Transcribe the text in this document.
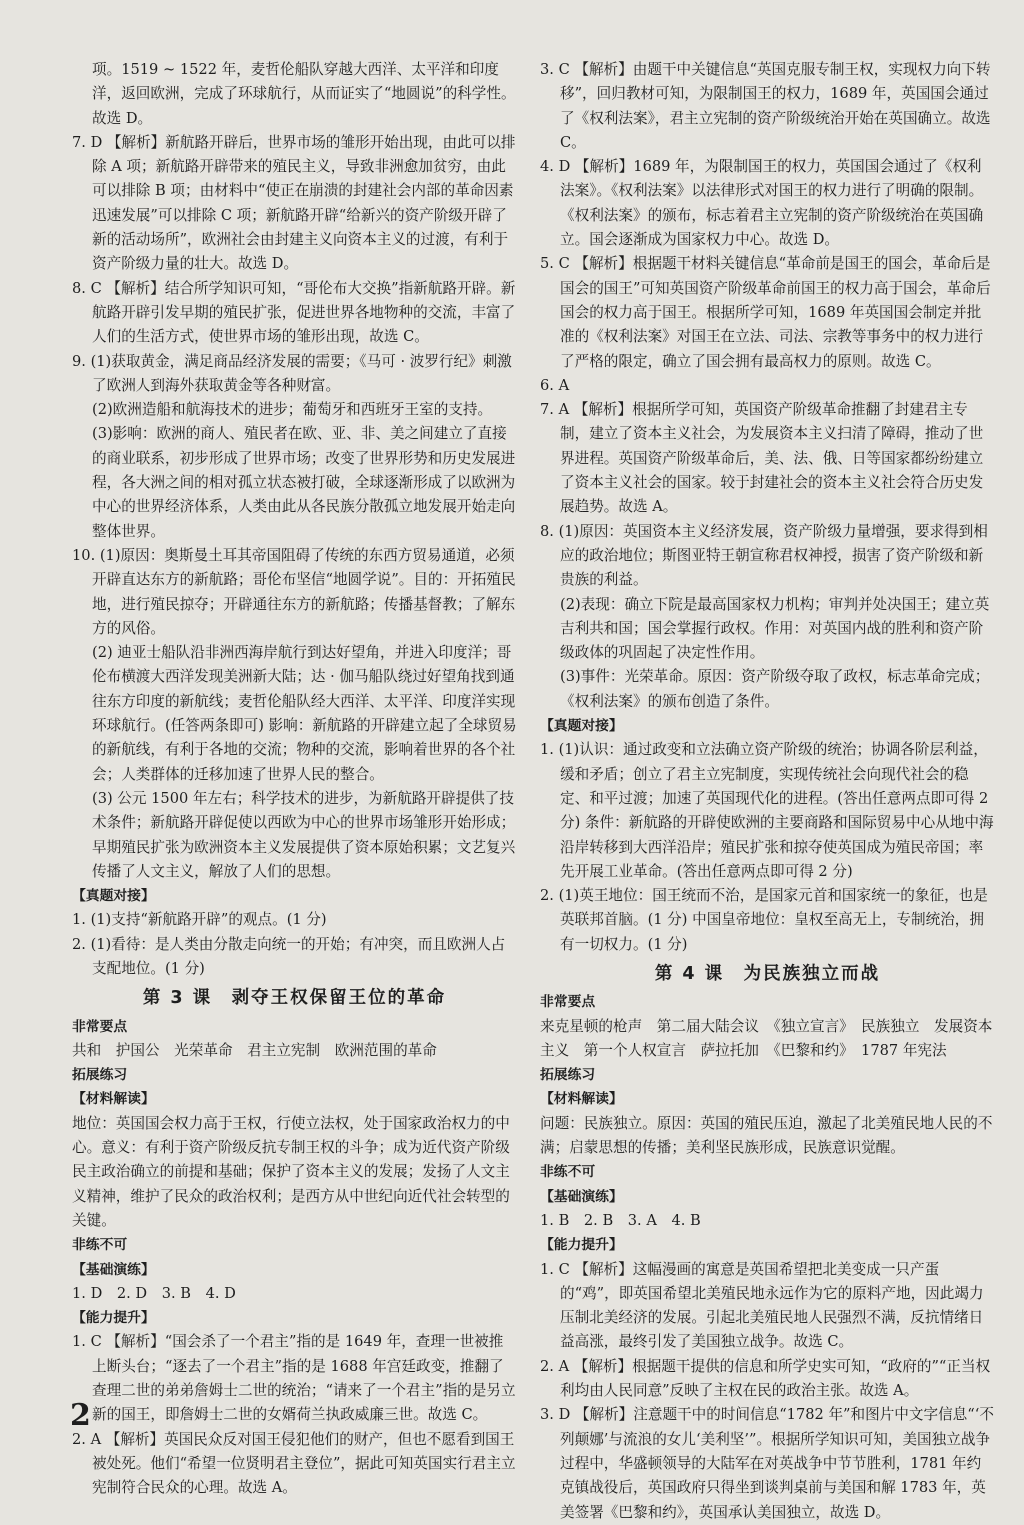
项。1519 ~ 1522 年，麦哲伦船队穿越大西洋、太平洋和印度洋，返回欧洲，完成了环球航行，从而证实了“地圆说”的科学性。故选 D。
7. D 【解析】新航路开辟后，世界市场的雏形开始出现，由此可以排除 A 项；新航路开辟带来的殖民主义，导致非洲愈加贫穷，由此可以排除 B 项；由材料中“使正在崩溃的封建社会内部的革命因素迅速发展”可以排除 C 项；新航路开辟“给新兴的资产阶级开辟了新的活动场所”，欧洲社会由封建主义向资本主义的过渡，有利于资产阶级力量的壮大。故选 D。
8. C 【解析】结合所学知识可知，“哥伦布大交换”指新航路开辟。新航路开辟引发早期的殖民扩张，促进世界各地物种的交流，丰富了人们的生活方式，使世界市场的雏形出现，故选 C。
9. (1)获取黄金，满足商品经济发展的需要；《马可 · 波罗行纪》刺激了欧洲人到海外获取黄金等各种财富。
(2)欧洲造船和航海技术的进步；葡萄牙和西班牙王室的支持。
(3)影响：欧洲的商人、殖民者在欧、亚、非、美之间建立了直接的商业联系，初步形成了世界市场；改变了世界形势和历史发展进程，各大洲之间的相对孤立状态被打破，全球逐渐形成了以欧洲为中心的世界经济体系，人类由此从各民族分散孤立地发展开始走向整体世界。
10. (1)原因：奥斯曼土耳其帝国阻碍了传统的东西方贸易通道，必须开辟直达东方的新航路；哥伦布坚信“地圆学说”。目的：开拓殖民地，进行殖民掠夺；开辟通往东方的新航路；传播基督教；了解东方的风俗。
(2) 迪亚士船队沿非洲西海岸航行到达好望角，并进入印度洋；哥伦布横渡大西洋发现美洲新大陆；达 · 伽马船队绕过好望角找到通往东方印度的新航线；麦哲伦船队经大西洋、太平洋、印度洋实现环球航行。(任答两条即可) 影响：新航路的开辟建立起了全球贸易的新航线，有利于各地的交流；物种的交流，影响着世界的各个社会；人类群体的迁移加速了世界人民的整合。
(3) 公元 1500 年左右；科学技术的进步，为新航路开辟提供了技术条件；新航路开辟促使以西欧为中心的世界市场雏形开始形成；早期殖民扩张为欧洲资本主义发展提供了资本原始积累；文艺复兴传播了人文主义，解放了人们的思想。
【真题对接】
1. (1)支持“新航路开辟”的观点。(1 分)
2. (1)看待：是人类由分散走向统一的开始；有冲突，而且欧洲人占支配地位。(1 分)
第 3 课　剥夺王权保留王位的革命
非常要点
共和　护国公　光荣革命　君主立宪制　欧洲范围的革命
拓展练习
【材料解读】
地位：英国国会权力高于王权，行使立法权，处于国家政治权力的中心。意义：有利于资产阶级反抗专制王权的斗争；成为近代资产阶级民主政治确立的前提和基础；保护了资本主义的发展；发扬了人文主义精神，维护了民众的政治权利；是西方从中世纪向近代社会转型的关键。
非练不可
【基础演练】
1. D　2. D　3. B　4. D
【能力提升】
1. C 【解析】“国会杀了一个君主”指的是 1649 年，查理一世被推上断头台；“逐去了一个君主”指的是 1688 年宫廷政变，推翻了查理二世的弟弟詹姆士二世的统治；“请来了一个君主”指的是另立新的国王，即詹姆士二世的女婿荷兰执政威廉三世。故选 C。
2. A 【解析】英国民众反对国王侵犯他们的财产，但也不愿看到国王被处死。他们“希望一位贤明君主登位”，据此可知英国实行君主立宪制符合民众的心理。故选 A。
3. C 【解析】由题干中关键信息“英国克服专制王权，实现权力向下转移”，回归教材可知，为限制国王的权力，1689 年，英国国会通过了《权利法案》，君主立宪制的资产阶级统治开始在英国确立。故选 C。
4. D 【解析】1689 年，为限制国王的权力，英国国会通过了《权利法案》。《权利法案》以法律形式对国王的权力进行了明确的限制。《权利法案》的颁布，标志着君主立宪制的资产阶级统治在英国确立。国会逐渐成为国家权力中心。故选 D。
5. C 【解析】根据题干材料关键信息“革命前是国王的国会，革命后是国会的国王”可知英国资产阶级革命前国王的权力高于国会，革命后国会的权力高于国王。根据所学可知，1689 年英国国会制定并批准的《权利法案》对国王在立法、司法、宗教等事务中的权力进行了严格的限定，确立了国会拥有最高权力的原则。故选 C。
6. A
7. A 【解析】根据所学可知，英国资产阶级革命推翻了封建君主专制，建立了资本主义社会，为发展资本主义扫清了障碍，推动了世界进程。英国资产阶级革命后，美、法、俄、日等国家都纷纷建立了资本主义社会的国家。较于封建社会的资本主义社会符合历史发展趋势。故选 A。
8. (1)原因：英国资本主义经济发展，资产阶级力量增强，要求得到相应的政治地位；斯图亚特王朝宣称君权神授，损害了资产阶级和新贵族的利益。
(2)表现：确立下院是最高国家权力机构；审判并处决国王；建立英吉利共和国；国会掌握行政权。作用：对英国内战的胜利和资产阶级政体的巩固起了决定性作用。
(3)事件：光荣革命。原因：资产阶级夺取了政权，标志革命完成；《权利法案》的颁布创造了条件。
【真题对接】
1. (1)认识：通过政变和立法确立资产阶级的统治；协调各阶层利益，缓和矛盾；创立了君主立宪制度，实现传统社会向现代社会的稳定、和平过渡；加速了英国现代化的进程。(答出任意两点即可得 2 分) 条件：新航路的开辟使欧洲的主要商路和国际贸易中心从地中海沿岸转移到大西洋沿岸；殖民扩张和掠夺使英国成为殖民帝国；率先开展工业革命。(答出任意两点即可得 2 分)
2. (1)英王地位：国王统而不治，是国家元首和国家统一的象征，也是英联邦首脑。(1 分) 中国皇帝地位：皇权至高无上，专制统治，拥有一切权力。(1 分)
第 4 课　为民族独立而战
非常要点
来克星顿的枪声　第二届大陆会议　《独立宣言》　民族独立　发展资本主义　第一个人权宣言　萨拉托加　《巴黎和约》　1787 年宪法
拓展练习
【材料解读】
问题：民族独立。原因：英国的殖民压迫，激起了北美殖民地人民的不满；启蒙思想的传播；美利坚民族形成，民族意识觉醒。
非练不可
【基础演练】
1. B　2. B　3. A　4. B
【能力提升】
1. C 【解析】这幅漫画的寓意是英国希望把北美变成一只产蛋的“鸡”，即英国希望北美殖民地永远作为它的原料产地，因此竭力压制北美经济的发展。引起北美殖民地人民强烈不满，反抗情绪日益高涨，最终引发了美国独立战争。故选 C。
2. A 【解析】根据题干提供的信息和所学史实可知，“政府的”“正当权利均由人民同意”反映了主权在民的政治主张。故选 A。
3. D 【解析】注意题干中的时间信息“1782 年”和图片中文字信息“‘不列颠娜’与流浪的女儿‘美利坚’”。根据所学知识可知，美国独立战争过程中，华盛顿领导的大陆军在对英战争中节节胜利，1781 年约克镇战役后，英国政府只得坐到谈判桌前与美国和解 1783 年，英美签署《巴黎和约》，英国承认美国独立，故选 D。
2
